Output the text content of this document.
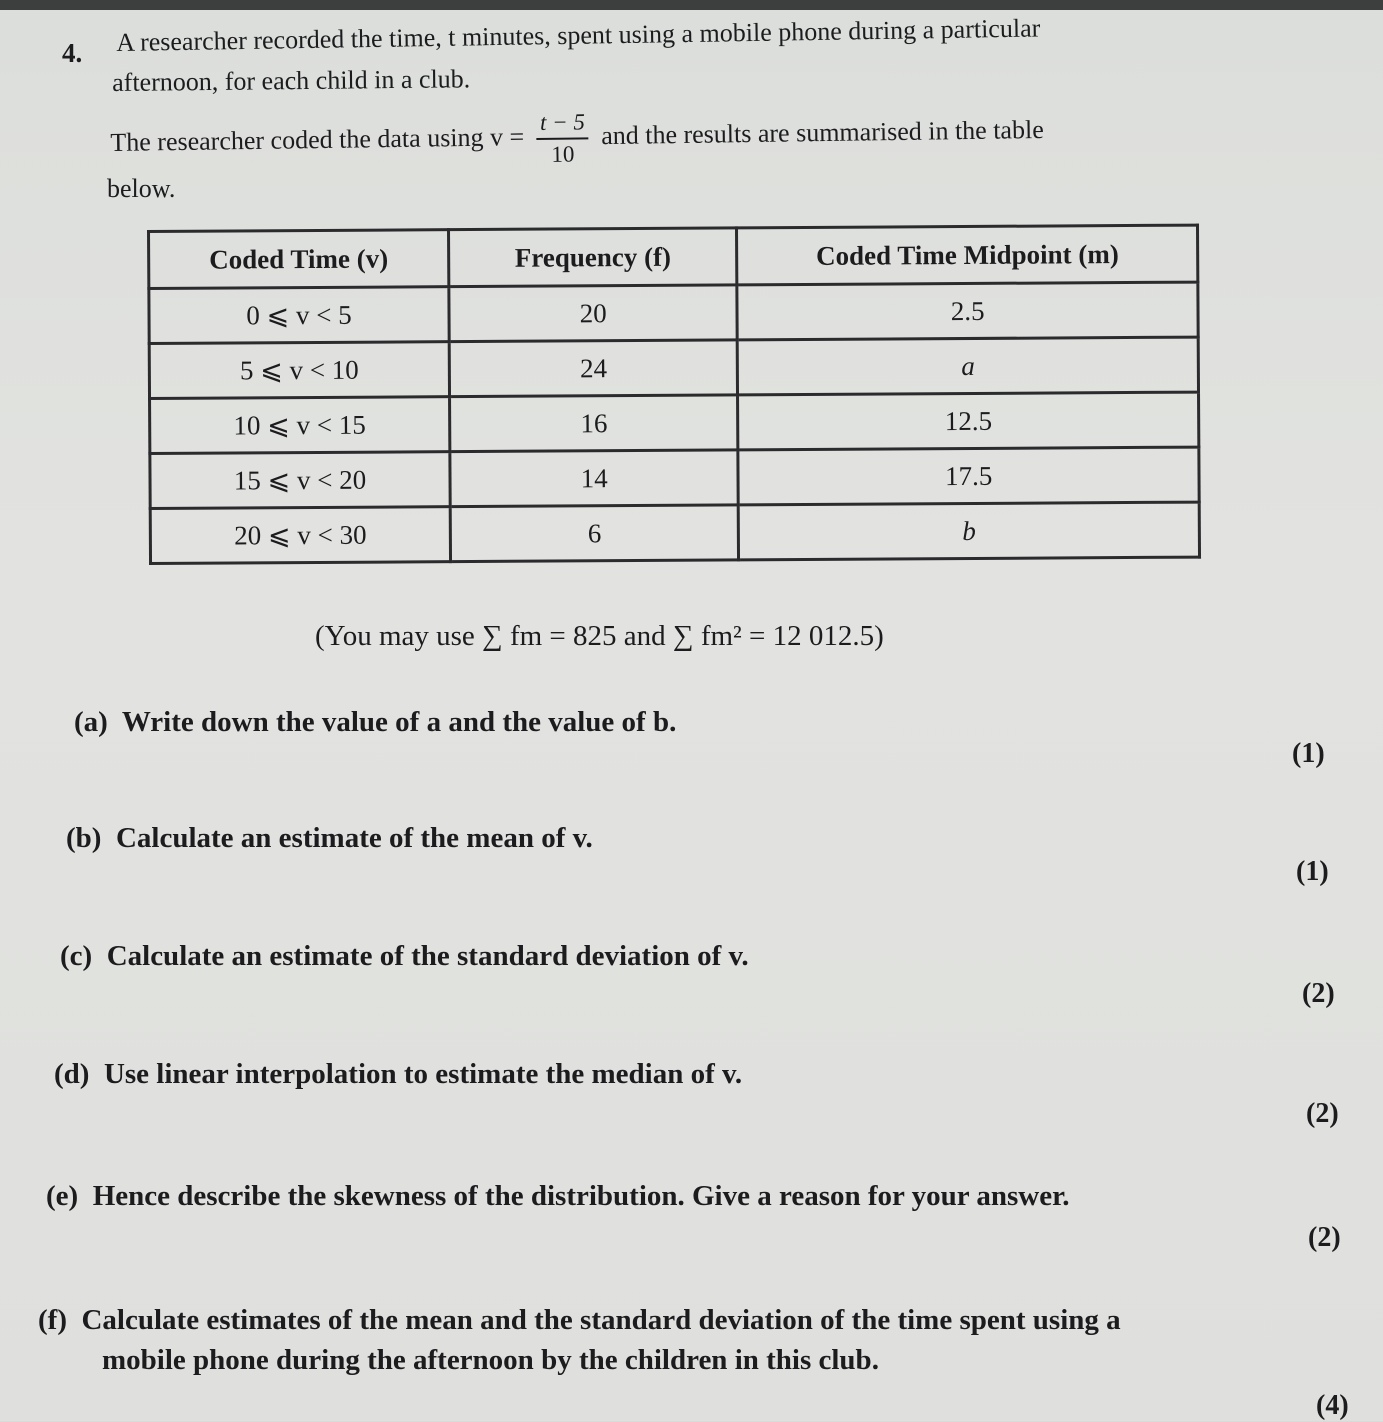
4. A researcher recorded the time, t minutes, spent using a mobile phone during a particular
afternoon, for each child in a club.
The researcher coded the data using $v = \frac{t - 5}{10}$ and the results are summarised in the table
below.
Coded Time (v)	Frequency (f)	Coded Time Midpoint (m)
0 ⩽ v < 5	20	2.5
5 ⩽ v < 10	24	a
10 ⩽ v < 15	16	12.5
15 ⩽ v < 20	14	17.5
20 ⩽ v < 30	6	b
(You may use ∑ fm = 825 and ∑ fm² = 12 012.5)
(a) Write down the value of a and the value of b.
(1)
(b) Calculate an estimate of the mean of v.
(1)
(c) Calculate an estimate of the standard deviation of v.
(2)
(d) Use linear interpolation to estimate the median of v.
(2)
(e) Hence describe the skewness of the distribution. Give a reason for your answer.
(2)
(f) Calculate estimates of the mean and the standard deviation of the time spent using a
mobile phone during the afternoon by the children in this club.
(4)
